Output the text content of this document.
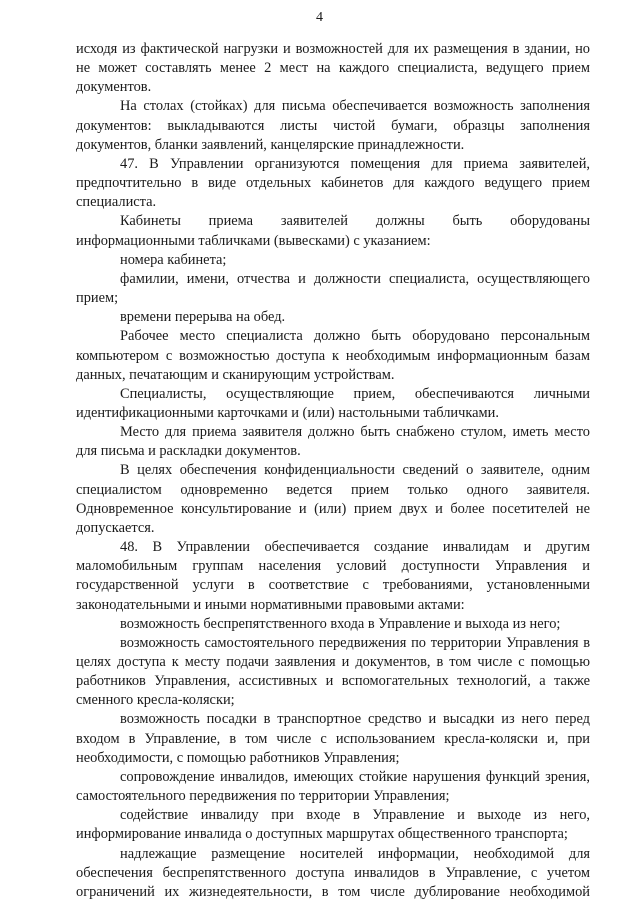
4

исходя из фактической нагрузки и возможностей для их размещения в здании, но не может составлять менее 2 мест на каждого специалиста, ведущего прием документов.

На столах (стойках) для письма обеспечивается возможность заполнения документов: выкладываются листы чистой бумаги, образцы заполнения документов, бланки заявлений, канцелярские принадлежности.

47. В Управлении организуются помещения для приема заявителей, предпочтительно в виде отдельных кабинетов для каждого ведущего прием специалиста.

Кабинеты приема заявителей должны быть оборудованы информационными табличками (вывесками) с указанием:

номера кабинета;

фамилии, имени, отчества и должности специалиста, осуществляющего прием;

времени перерыва на обед.

Рабочее место специалиста должно быть оборудовано персональным компьютером с возможностью доступа к необходимым информационным базам данных, печатающим и сканирующим устройствам.

Специалисты, осуществляющие прием, обеспечиваются личными идентификационными карточками и (или) настольными табличками.

Место для приема заявителя должно быть снабжено стулом, иметь место для письма и раскладки документов.

В целях обеспечения конфиденциальности сведений о заявителе, одним специалистом одновременно ведется прием только одного заявителя. Одновременное консультирование и (или) прием двух и более посетителей не допускается.

48. В Управлении обеспечивается создание инвалидам и другим маломобильным группам населения условий доступности Управления и государственной услуги в соответствие с требованиями, установленными законодательными и иными нормативными правовыми актами:

возможность беспрепятственного входа в Управление и выхода из него;

возможность самостоятельного передвижения по территории Управления в целях доступа к месту подачи заявления и документов, в том числе с помощью работников Управления, ассистивных и вспомогательных технологий, а также сменного кресла-коляски;

возможность посадки в транспортное средство и высадки из него перед входом в Управление, в том числе с использованием кресла-коляски и, при необходимости, с помощью работников Управления;

сопровождение инвалидов, имеющих стойкие нарушения функций зрения, самостоятельного передвижения по территории Управления;

содействие инвалиду при входе в Управление и выходе из него, информирование инвалида о доступных маршрутах общественного транспорта;

надлежащие размещение носителей информации, необходимой для обеспечения беспрепятственного доступа инвалидов в Управление, с учетом ограничений их жизнедеятельности, в том числе дублирование необходимой
